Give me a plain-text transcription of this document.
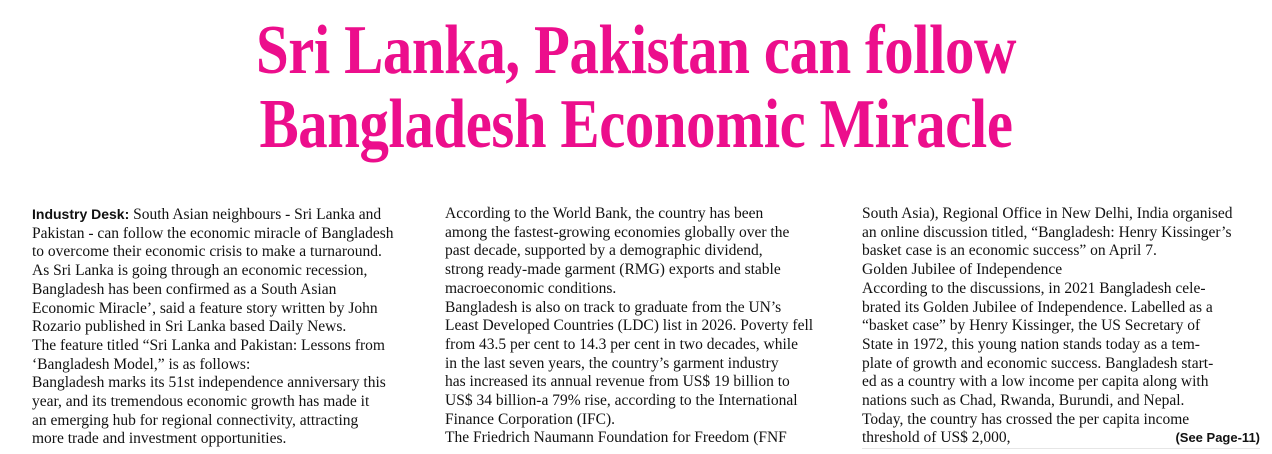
Sri Lanka, Pakistan can follow
Bangladesh Economic Miracle

Industry Desk: South Asian neighbours - Sri Lanka and

Pakistan - can follow the economic miracle of Bangladesh

to overcome their economic crisis to make a turnaround.

As Sri Lanka is going through an economic recession,

Bangladesh has been confirmed as a South Asian

Economic Miracle’, said a feature story written by John

Rozario published in Sri Lanka based Daily News.

The feature titled “Sri Lanka and Pakistan: Lessons from

‘Bangladesh Model,” is as follows:

Bangladesh marks its 51st independence anniversary this

year, and its tremendous economic growth has made it

an emerging hub for regional connectivity, attracting

more trade and investment opportunities.

According to the World Bank, the country has been

among the fastest-growing economies globally over the

past decade, supported by a demographic dividend,

strong ready-made garment (RMG) exports and stable

macroeconomic conditions.

Bangladesh is also on track to graduate from the UN’s

Least Developed Countries (LDC) list in 2026. Poverty fell

from 43.5 per cent to 14.3 per cent in two decades, while

in the last seven years, the country’s garment industry

has increased its annual revenue from US$ 19 billion to

US$ 34 billion-a 79% rise, according to the International

Finance Corporation (IFC).

The Friedrich Naumann Foundation for Freedom (FNF

South Asia), Regional Office in New Delhi, India organised

an online discussion titled, “Bangladesh: Henry Kissinger’s

basket case is an economic success” on April 7.

Golden Jubilee of Independence

According to the discussions, in 2021 Bangladesh cele-

brated its Golden Jubilee of Independence. Labelled as a

“basket case” by Henry Kissinger, the US Secretary of

State in 1972, this young nation stands today as a tem-

plate of growth and economic success. Bangladesh start-

ed as a country with a low income per capita along with

nations such as Chad, Rwanda, Burundi, and Nepal.

Today, the country has crossed the per capita income

threshold of US$ 2,000,	(See Page-11)
